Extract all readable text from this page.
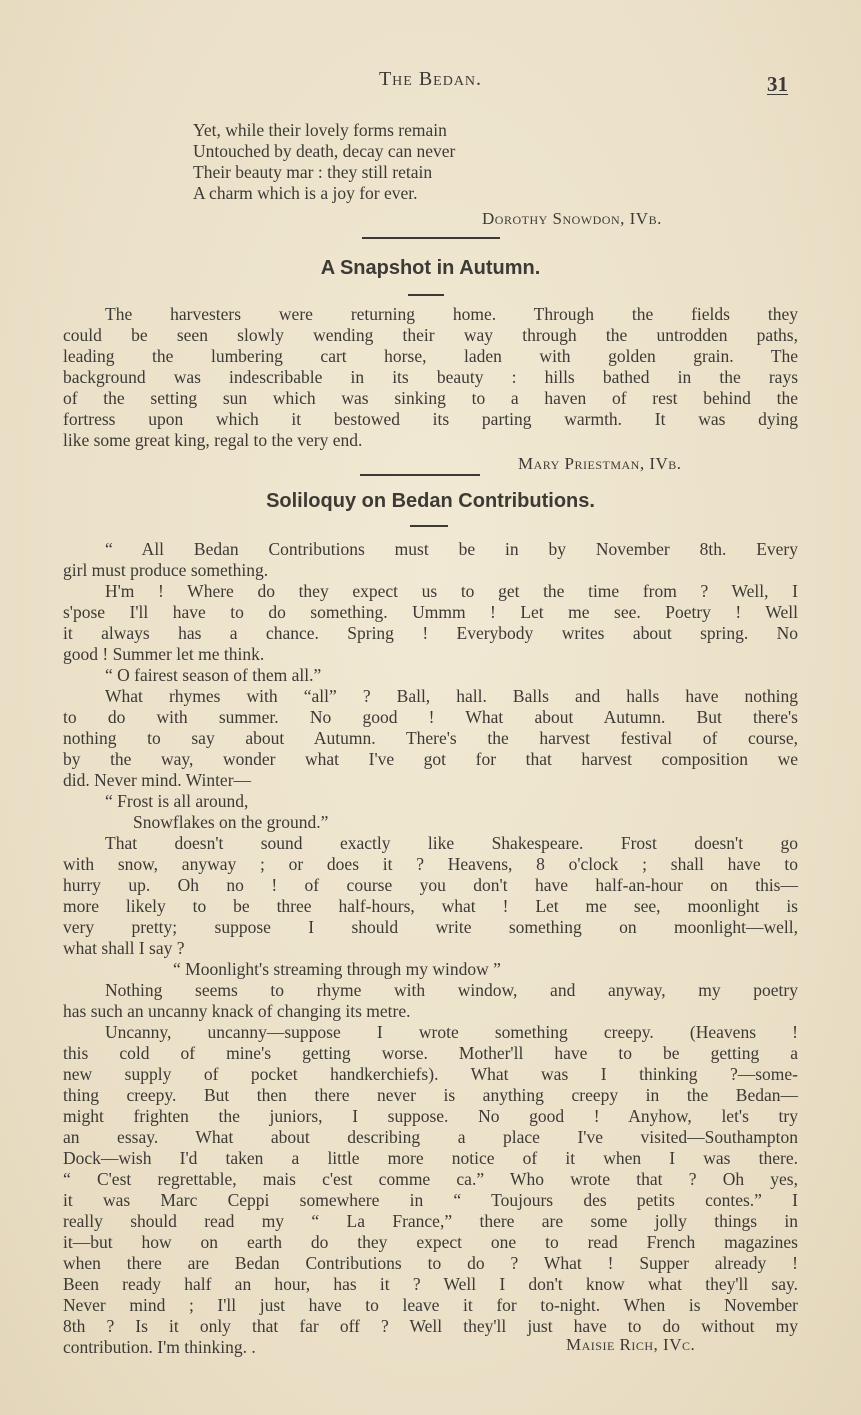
The Bedan.	31
Yet, while their lovely forms remain
Untouched by death, decay can never
Their beauty mar : they still retain
A charm which is a joy for ever.
Dorothy Snowdon, IVb.
A Snapshot in Autumn.
The harvesters were returning home. Through the fields they
could be seen slowly wending their way through the untrodden paths,
leading the lumbering cart horse, laden with golden grain. The
background was indescribable in its beauty : hills bathed in the rays
of the setting sun which was sinking to a haven of rest behind the
fortress upon which it bestowed its parting warmth. It was dying
like some great king, regal to the very end.
Mary Priestman, IVb.
Soliloquy on Bedan Contributions.
“ All Bedan Contributions must be in by November 8th. Every
girl must produce something.
H'm ! Where do they expect us to get the time from ? Well, I
s'pose I'll have to do something. Ummm ! Let me see. Poetry ! Well
it always has a chance. Spring ! Everybody writes about spring. No
good ! Summer let me think.
“ O fairest season of them all.”
What rhymes with “all” ? Ball, hall. Balls and halls have nothing
to do with summer. No good ! What about Autumn. But there's
nothing to say about Autumn. There's the harvest festival of course,
by the way, wonder what I've got for that harvest composition we
did. Never mind. Winter—
“ Frost is all around,
Snowflakes on the ground.”
That doesn't sound exactly like Shakespeare. Frost doesn't go
with snow, anyway ; or does it ? Heavens, 8 o'clock ; shall have to
hurry up. Oh no ! of course you don't have half-an-hour on this—
more likely to be three half-hours, what ! Let me see, moonlight is
very pretty; suppose I should write something on moonlight—well,
what shall I say ?
“ Moonlight's streaming through my window ”
Nothing seems to rhyme with window, and anyway, my poetry
has such an uncanny knack of changing its metre.
Uncanny, uncanny—suppose I wrote something creepy. (Heavens !
this cold of mine's getting worse. Mother'll have to be getting a
new supply of pocket handkerchiefs). What was I thinking ?—some-
thing creepy. But then there never is anything creepy in the Bedan—
might frighten the juniors, I suppose. No good ! Anyhow, let's try
an essay. What about describing a place I've visited—Southampton
Dock—wish I'd taken a little more notice of it when I was there.
“ C'est regrettable, mais c'est comme ca.” Who wrote that ? Oh yes,
it was Marc Ceppi somewhere in “ Toujours des petits contes.” I
really should read my “ La France,” there are some jolly things in
it—but how on earth do they expect one to read French magazines
when there are Bedan Contributions to do ? What ! Supper already !
Been ready half an hour, has it ? Well I don't know what they'll say.
Never mind ; I'll just have to leave it for to-night. When is November
8th ? Is it only that far off ? Well they'll just have to do without my
contribution. I'm thinking. .	Maisie Rich, IVc.
